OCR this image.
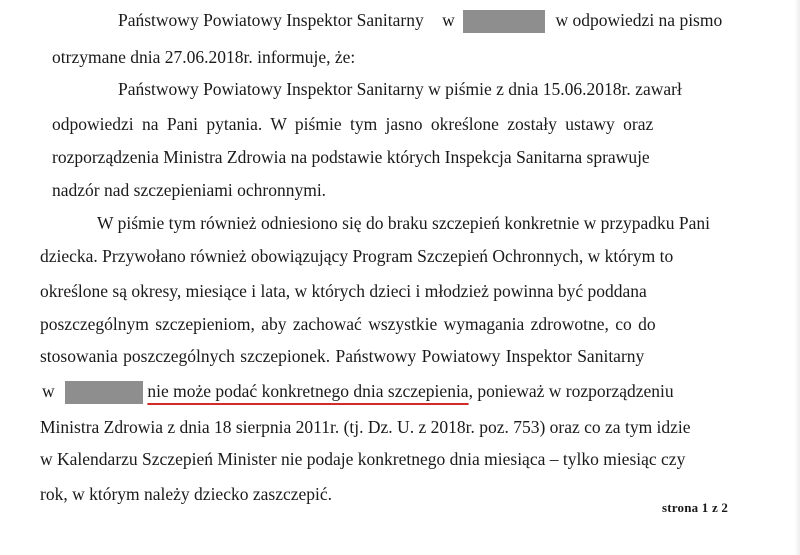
Państwowy Powiatowy Inspektor Sanitarny w	w odpowiedzi na pismo
otrzymane dnia 27.06.2018r. informuje, że:
Państwowy Powiatowy Inspektor Sanitarny w piśmie z dnia 15.06.2018r. zawarł
odpowiedzi na Pani pytania. W piśmie tym jasno określone zostały ustawy oraz
rozporządzenia Ministra Zdrowia na podstawie których Inspekcja Sanitarna sprawuje
nadzór nad szczepieniami ochronnymi.
W piśmie tym również odniesiono się do braku szczepień konkretnie w przypadku Pani
dziecka. Przywołano również obowiązujący Program Szczepień Ochronnych, w którym to
określone są okresy, miesiące i lata, w których dzieci i młodzież powinna być poddana
poszczególnym szczepieniom, aby zachować wszystkie wymagania zdrowotne, co do
stosowania poszczególnych szczepionek. Państwowy Powiatowy Inspektor Sanitarny
w	nie może podać konkretnego dnia szczepienia, ponieważ w rozporządzeniu
Ministra Zdrowia z dnia 18 sierpnia 2011r. (tj. Dz. U. z 2018r. poz. 753) oraz co za tym idzie
w Kalendarzu Szczepień Minister nie podaje konkretnego dnia miesiąca – tylko miesiąc czy
rok, w którym należy dziecko zaszczepić.
strona 1 z 2
